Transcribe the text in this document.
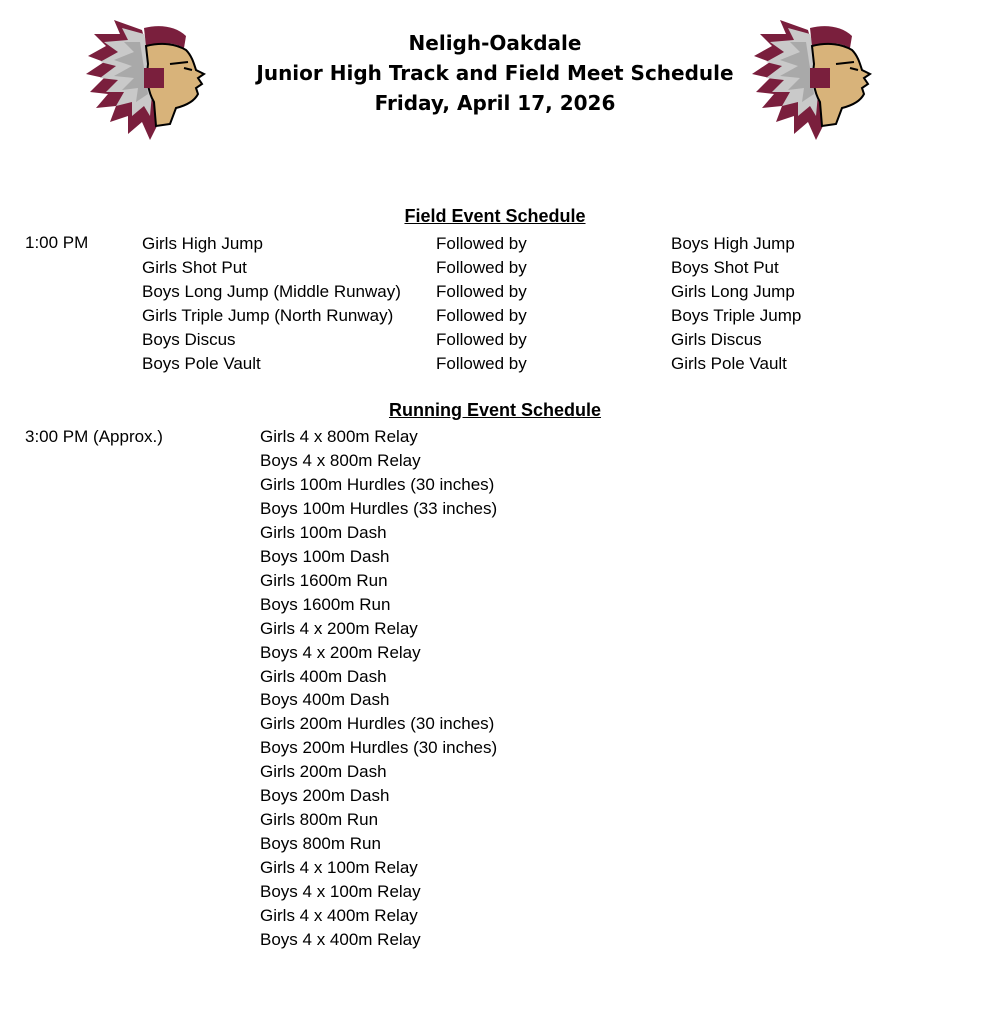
Neligh-Oakdale
Junior High Track and Field Meet Schedule
Friday, April 17, 2026
Field Event Schedule
1:00 PM	Girls High Jump	Followed by	Boys High Jump
Girls Shot Put	Followed by	Boys Shot Put
Boys Long Jump (Middle Runway) Followed by	Girls Long Jump
Girls Triple Jump (North Runway)	Followed by	Boys Triple Jump
Boys Discus	Followed by	Girls Discus
Boys Pole Vault	Followed by	Girls Pole Vault
Running Event Schedule
3:00 PM (Approx.)	Girls 4 x 800m Relay
Boys 4 x 800m Relay
Girls 100m Hurdles (30 inches)
Boys 100m Hurdles (33 inches)
Girls 100m Dash
Boys 100m Dash
Girls 1600m Run
Boys 1600m Run
Girls 4 x 200m Relay
Boys 4 x 200m Relay
Girls 400m Dash
Boys 400m Dash
Girls 200m Hurdles (30 inches)
Boys 200m Hurdles (30 inches)
Girls 200m Dash
Boys 200m Dash
Girls 800m Run
Boys 800m Run
Girls 4 x 100m Relay
Boys 4 x 100m Relay
Girls 4 x 400m Relay
Boys 4 x 400m Relay
